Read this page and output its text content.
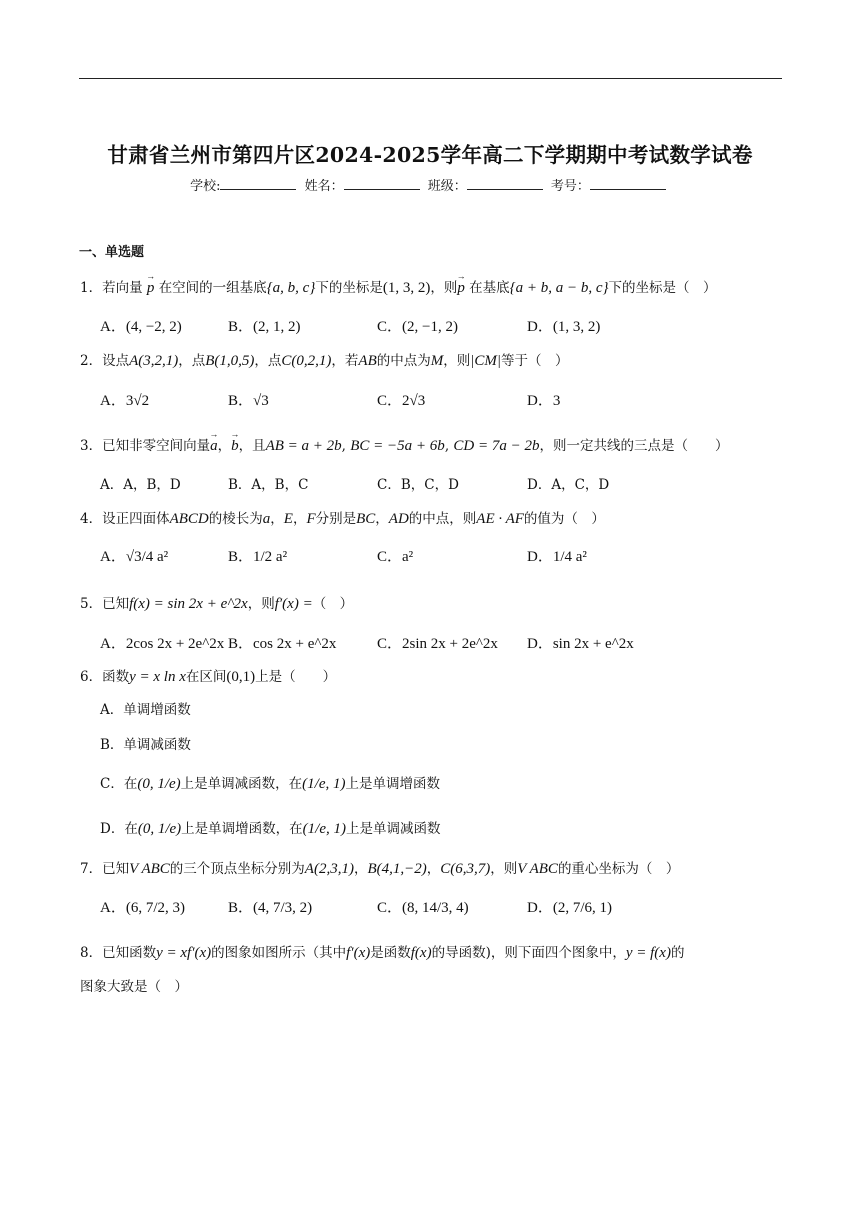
甘肃省兰州市第四片区2024-2025学年高二下学期期中考试数学试卷
学校:	姓名：	班级：	考号：
一、单选题
1．若向量 → p 在空间的一组基底{a, b, c}下的坐标是(1, 3, 2)，则→ p 在基底{a + b, a − b, c}下的坐标是（　）
A．(4, −2, 2)	B．(2, 1, 2)	C．(2, −1, 2)	D．(1, 3, 2)
2．设点A(3,2,1)，点B(1,0,5)，点C(0,2,1)，若AB的中点为M，则|CM|等于（　）
A．3√2	B．√3	C．2√3	D．3
3．已知非零空间向量→ a，→ b，且AB = a + 2b, BC = −5a + 6b, CD = 7a − 2b，则一定共线的三点是（　　）
A．A，B，D	B．A，B，C	C．B，C，D	D．A，C，D
4．设正四面体ABCD的棱长为a，E，F分别是BC，AD的中点，则AE · AF的值为（　）
A．√3/4 a²	B．1/2 a²	C．a²	D．1/4 a²
5．已知f(x) = sin 2x + e^2x，则f′(x) =（　）
A．2cos 2x + 2e^2x B．cos 2x + e^2x	C．2sin 2x + 2e^2x D．sin 2x + e^2x
6．函数y = x ln x在区间(0,1)上是（　　）
A．单调增函数
B．单调减函数
C．在(0, 1/e)上是单调减函数，在(1/e, 1)上是单调增函数
D．在(0, 1/e)上是单调增函数，在(1/e, 1)上是单调减函数
7．已知V ABC的三个顶点坐标分别为A(2,3,1)，B(4,1,−2)，C(6,3,7)，则V ABC的重心坐标为（　）
A．(6, 7/2, 3)	B．(4, 7/3, 2)	C．(8, 14/3, 4)	D．(2, 7/6, 1)
8．已知函数y = xf′(x)的图象如图所示（其中f′(x)是函数f(x)的导函数)，则下面四个图象中，y = f(x)的
图象大致是（　）
